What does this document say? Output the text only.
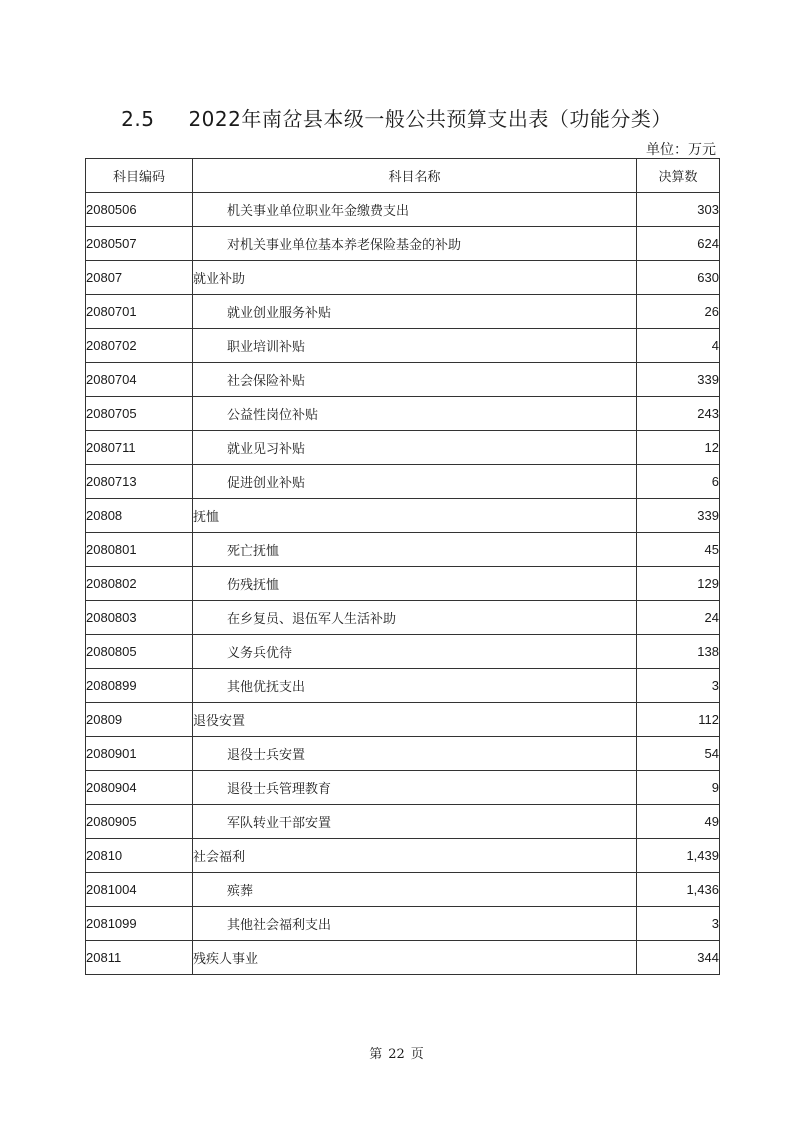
2.5 2022年南岔县本级一般公共预算支出表（功能分类）
单位：万元
科目编码	科目名称	决算数
2080506	机关事业单位职业年金缴费支出	303
2080507	对机关事业单位基本养老保险基金的补助	624
20807	就业补助	630
2080701	就业创业服务补贴	26
2080702	职业培训补贴	4
2080704	社会保险补贴	339
2080705	公益性岗位补贴	243
2080711	就业见习补贴	12
2080713	促进创业补贴	6
20808	抚恤	339
2080801	死亡抚恤	45
2080802	伤残抚恤	129
2080803	在乡复员、退伍军人生活补助	24
2080805	义务兵优待	138
2080899	其他优抚支出	3
20809	退役安置	112
2080901	退役士兵安置	54
2080904	退役士兵管理教育	9
2080905	军队转业干部安置	49
20810	社会福利	1,439
2081004	殡葬	1,436
2081099	其他社会福利支出	3
20811	残疾人事业	344
第 22 页
